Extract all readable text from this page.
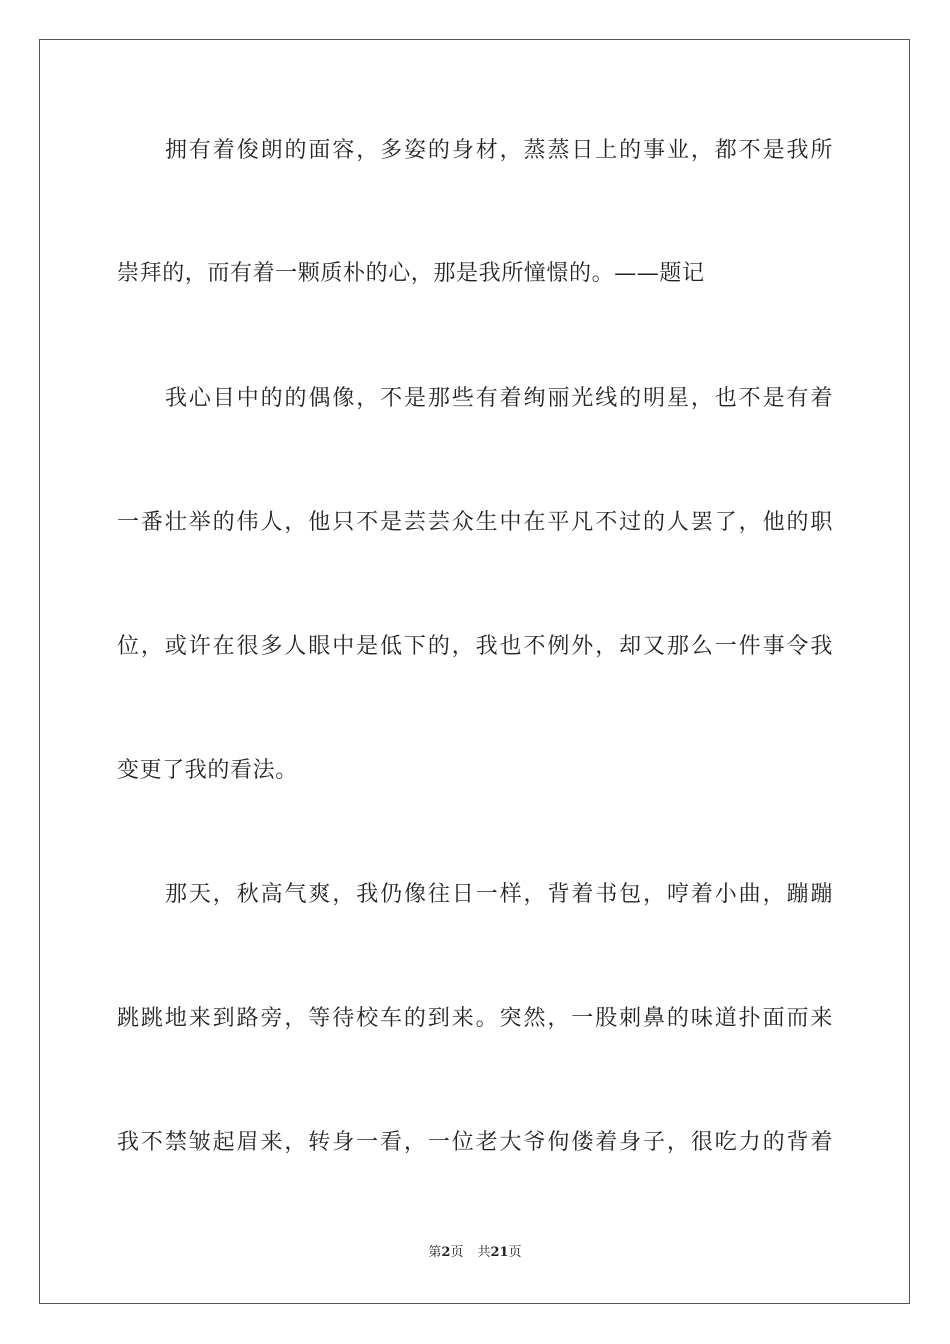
拥有着俊朗的面容，多姿的身材，蒸蒸日上的事业，都不是我所
崇拜的，而有着一颗质朴的心，那是我所憧憬的。——题记
我心目中的的偶像，不是那些有着绚丽光线的明星，也不是有着
一番壮举的伟人，他只不是芸芸众生中在平凡不过的人罢了，他的职
位，或许在很多人眼中是低下的，我也不例外，却又那么一件事令我
变更了我的看法。
那天，秋高气爽，我仍像往日一样，背着书包，哼着小曲，蹦蹦
跳跳地来到路旁，等待校车的到来。突然，一股刺鼻的味道扑面而来
我不禁皱起眉来，转身一看，一位老大爷佝偻着身子，很吃力的背着
第2页 共21页
